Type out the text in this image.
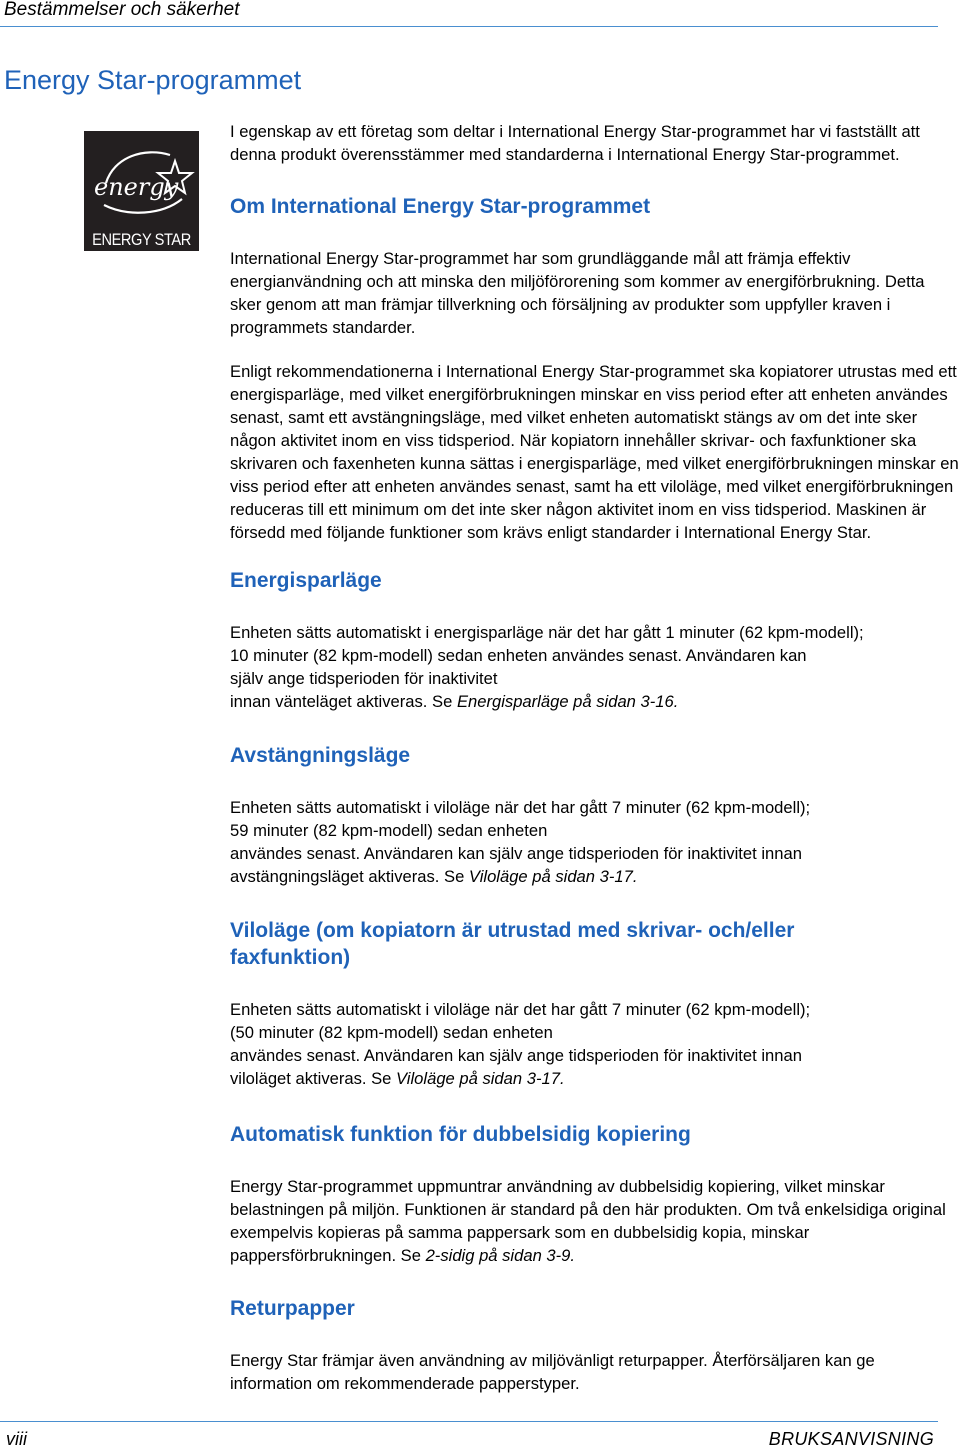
Bestämmelser och säkerhet
Energy Star-programmet
energy
ENERGY STAR

I egenskap av ett företag som deltar i International Energy Star-programmet har vi fastställt att denna produkt överensstämmer med standarderna i International Energy Star-programmet.

Om International Energy Star-programmet

International Energy Star-programmet har som grundläggande mål att främja effektiv energianvändning och att minska den miljöförorening som kommer av energiförbrukning. Detta sker genom att man främjar tillverkning och försäljning av produkter som uppfyller kraven i programmets standarder.

Enligt rekommendationerna i International Energy Star-programmet ska kopiatorer utrustas med ett energisparläge, med vilket energiförbrukningen minskar en viss period efter att enheten användes senast, samt ett avstängningsläge, med vilket enheten automatiskt stängs av om det inte sker någon aktivitet inom en viss tidsperiod. När kopiatorn innehåller skrivar- och faxfunktioner ska skrivaren och faxenheten kunna sättas i energisparläge, med vilket energiförbrukningen minskar en viss period efter att enheten användes senast, samt ha ett viloläge, med vilket energiförbrukningen reduceras till ett minimum om det inte sker någon aktivitet inom en viss tidsperiod. Maskinen är försedd med följande funktioner som krävs enligt standarder i International Energy Star.

Energisparläge

Enheten sätts automatiskt i energisparläge när det har gått 1 minuter (62 kpm-modell);
10 minuter (82 kpm-modell) sedan enheten användes senast. Användaren kan
själv ange tidsperioden för inaktivitet
innan vänteläget aktiveras. Se Energisparläge på sidan 3-16.

Avstängningsläge

Enheten sätts automatiskt i viloläge när det har gått 7 minuter (62 kpm-modell);
59 minuter (82 kpm-modell) sedan enheten
användes senast. Användaren kan själv ange tidsperioden för inaktivitet innan
avstängningsläget aktiveras. Se Viloläge på sidan 3-17.

Viloläge (om kopiatorn är utrustad med skrivar- och/eller
faxfunktion)

Enheten sätts automatiskt i viloläge när det har gått 7 minuter (62 kpm-modell);
(50 minuter (82 kpm-modell) sedan enheten
användes senast. Användaren kan själv ange tidsperioden för inaktivitet innan
viloläget aktiveras. Se Viloläge på sidan 3-17.

Automatisk funktion för dubbelsidig kopiering

Energy Star-programmet uppmuntrar användning av dubbelsidig kopiering, vilket minskar belastningen på miljön. Funktionen är standard på den här produkten. Om två enkelsidiga original exempelvis kopieras på samma pappersark som en dubbelsidig kopia, minskar pappersförbrukningen. Se 2-sidig på sidan 3-9.

Returpapper

Energy Star främjar även användning av miljövänligt returpapper. Återförsäljaren kan ge information om rekommenderade papperstyper.

viii	BRUKSANVISNING
